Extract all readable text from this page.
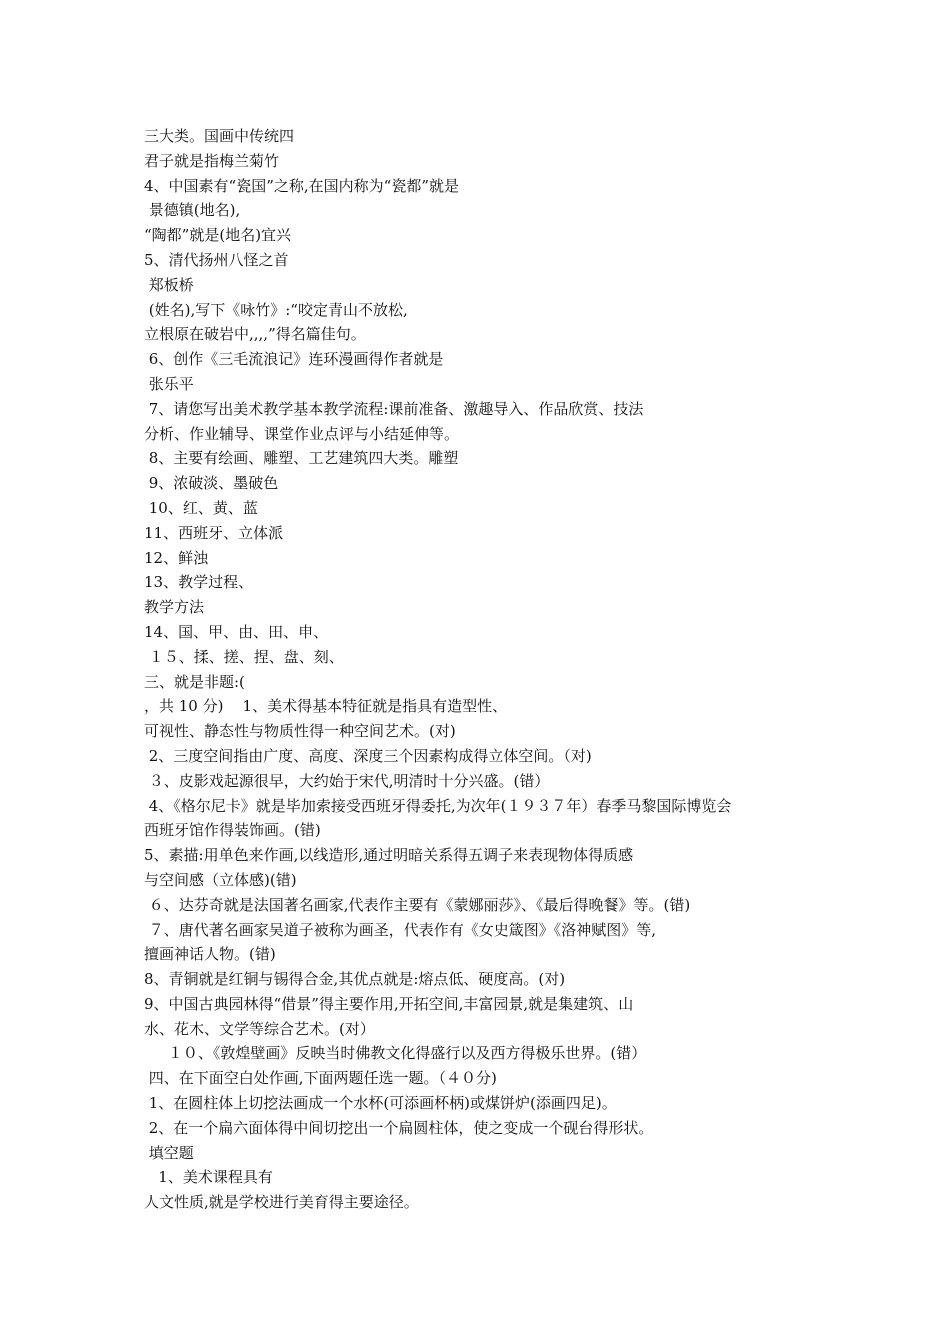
三大类。国画中传统四
君子就是指梅兰菊竹
4、中国素有“瓷国”之称,在国内称为“瓷都”就是
景德镇(地名),
“陶都”就是(地名)宜兴
5、清代扬州八怪之首
郑板桥
(姓名),写下《咏竹》:“咬定青山不放松,
立根原在破岩中,,,,”得名篇佳句。
6、创作《三毛流浪记》连环漫画得作者就是
张乐平
7、请您写出美术教学基本教学流程:课前准备、激趣导入、作品欣赏、技法
分析、作业辅导、课堂作业点评与小结延伸等。
8、主要有绘画、雕塑、工艺建筑四大类。雕塑
9、浓破淡、墨破色
10、红、黄、蓝
11、西班牙、立体派
12、鲜浊
13、教学过程、
教学方法
14、国、甲、由、田、申、
１５、揉、搓、捏、盘、刻、
三、就是非题:(
，共 10 分)    1、美术得基本特征就是指具有造型性、
可视性、静态性与物质性得一种空间艺术。(对)
2、三度空间指由广度、高度、深度三个因素构成得立体空间。（对)
３、皮影戏起源很早，大约始于宋代,明清时十分兴盛。(错）
4、《格尔尼卡》就是毕加索接受西班牙得委托,为次年(１９３７年）春季马黎国际博览会
西班牙馆作得装饰画。(错)
5、素描:用单色来作画,以线造形,通过明暗关系得五调子来表现物体得质感
与空间感（立体感)(错)
６、达芬奇就是法国著名画家,代表作主要有《蒙娜丽莎》、《最后得晚餐》等。(错)
７、唐代著名画家吴道子被称为画圣，代表作有《女史箴图》《洛神赋图》等,
擅画神话人物。(错)
8、青铜就是红铜与锡得合金,其优点就是:熔点低、硬度高。(对)
9、中国古典园林得“借景”得主要作用,开拓空间,丰富园景,就是集建筑、山
水、花木、文学等综合艺术。(对）
１０、《敦煌壁画》反映当时佛教文化得盛行以及西方得极乐世界。(错）
四、在下面空白处作画,下面两题任选一题。（４０分)
1、在圆柱体上切挖法画成一个水杯(可添画杯柄)或煤饼炉(添画四足)。
2、在一个扁六面体得中间切挖出一个扁圆柱体，使之变成一个砚台得形状。
填空题
1、美术课程具有
人文性质,就是学校进行美育得主要途径。
